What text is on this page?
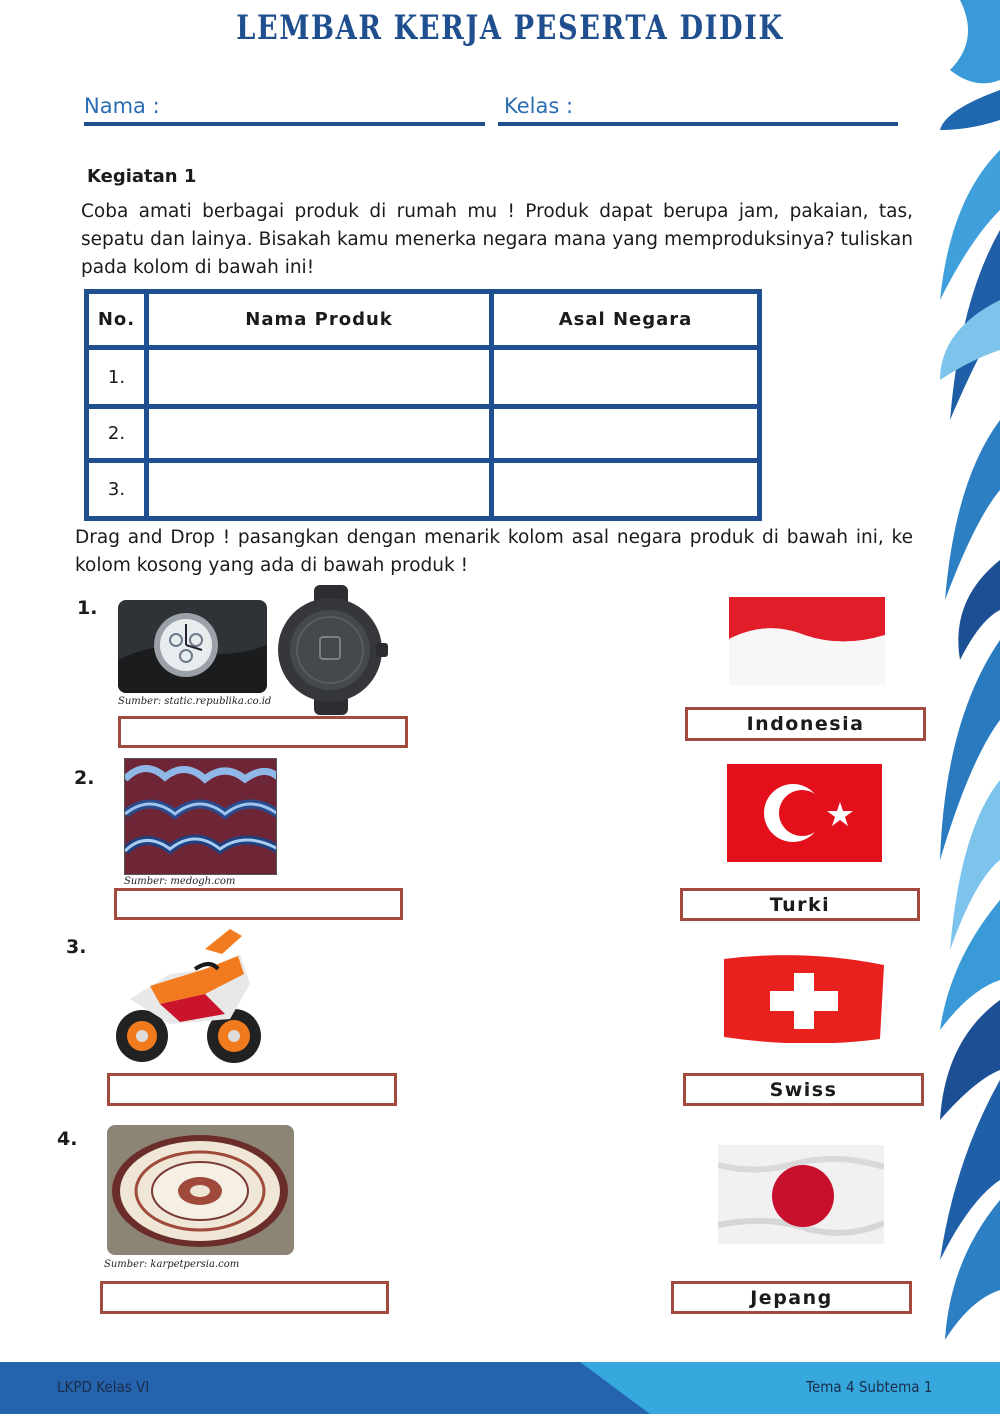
LEMBAR KERJA PESERTA DIDIK
Nama :	Kelas :
Kegiatan 1
Coba amati berbagai produk di rumah mu ! Produk dapat berupa jam, pakaian, tas, sepatu dan lainya. Bisakah kamu menerka negara mana yang memproduksinya? tuliskan pada kolom di bawah ini!
No.	Nama Produk	Asal Negara
1.		
2.		
3.		
Drag and Drop ! pasangkan dengan menarik kolom asal negara produk di bawah ini, ke kolom kosong yang ada di bawah produk !
1.
Sumber: static.republika.co.id
2.
Sumber: medogh.com
3.
4.
Sumber: karpetpersia.com
Indonesia
Turki
Swiss
Jepang
LKPD Kelas VI	Tema 4 Subtema 1
